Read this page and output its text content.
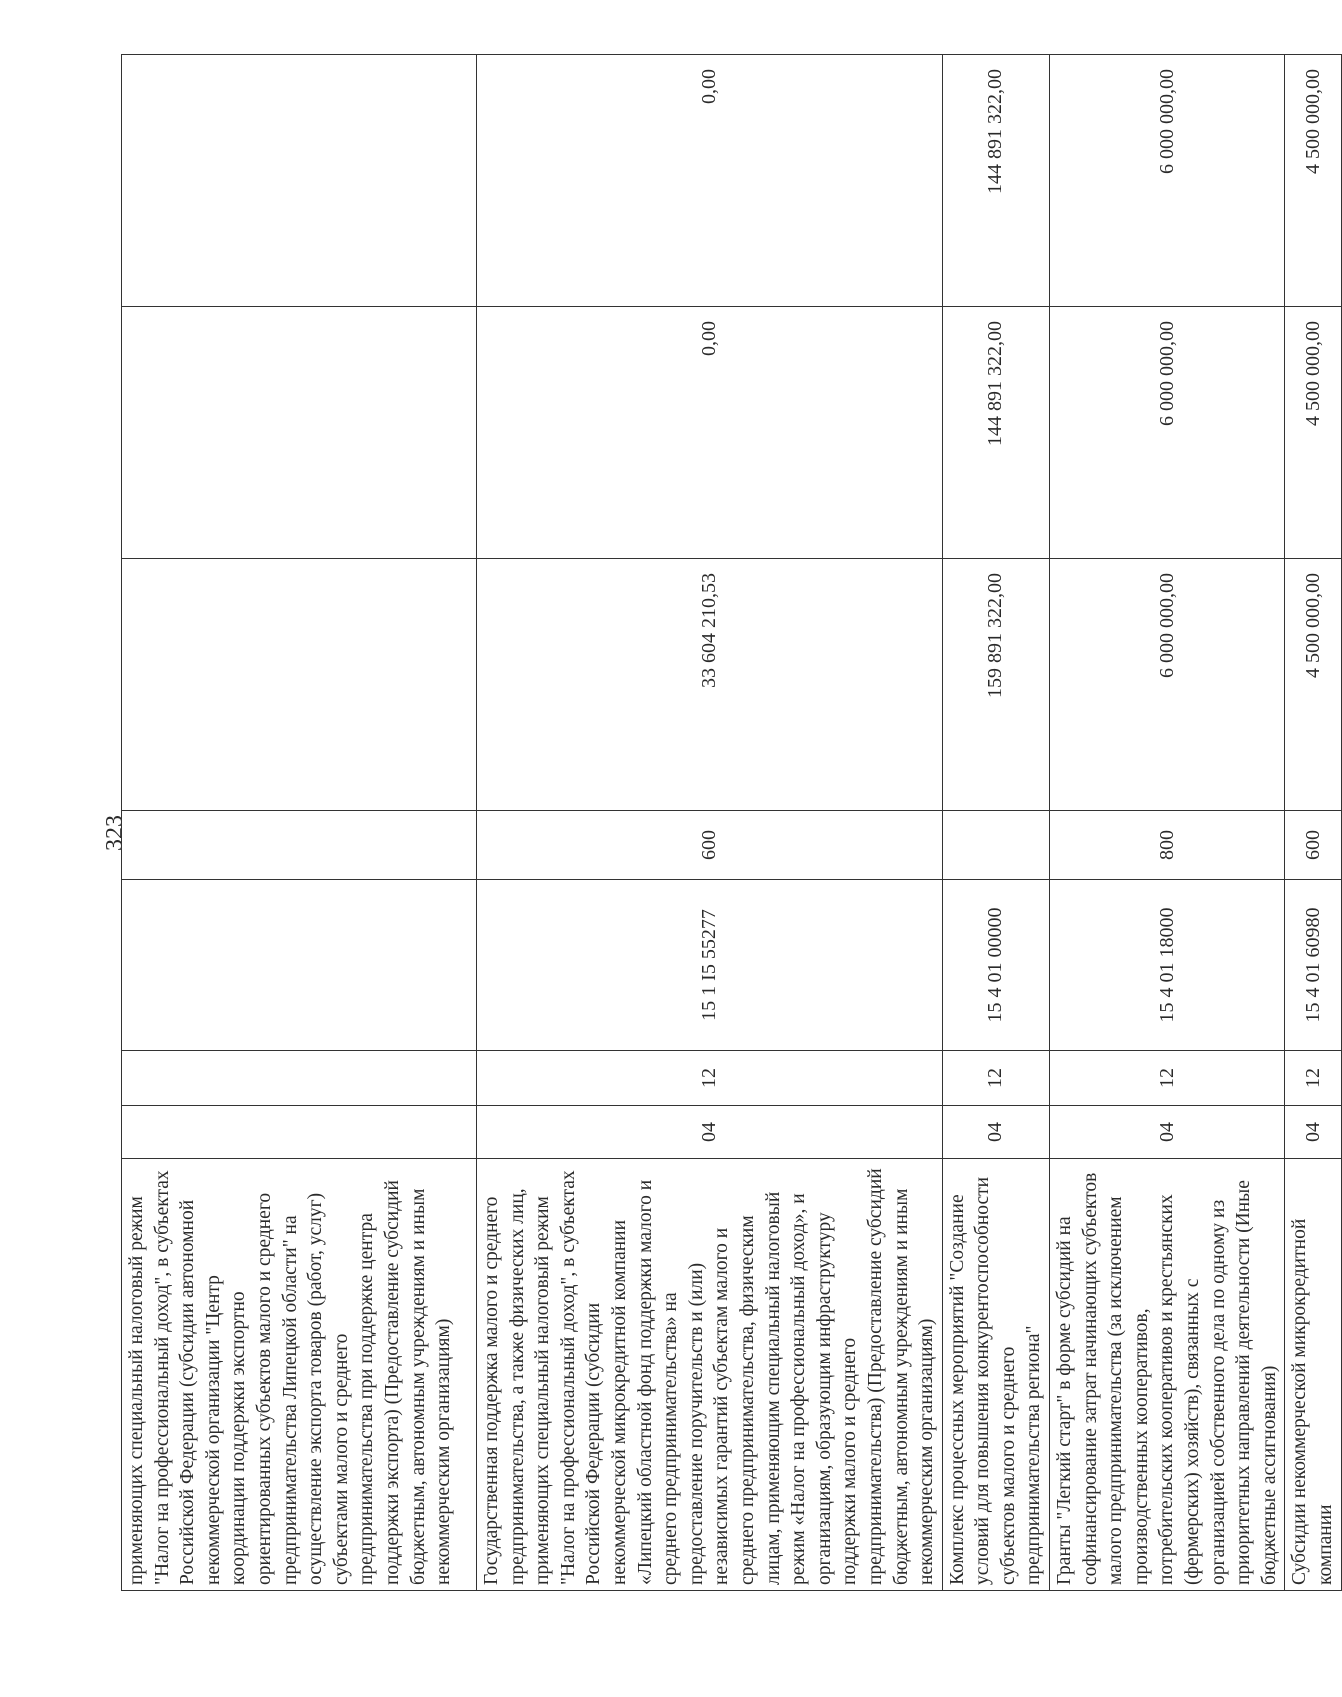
323
применяющих специальный налоговый режим "Налог на профессиональный доход", в субъектах Российской Федерации (субсидии автономной некоммерческой организации "Центр координации поддержки экспортно ориентированных субъектов малого и среднего предпринимательства Липецкой области" на осуществление экспорта товаров (работ, услуг) субъектами малого и среднего предпринимательства при поддержке центра поддержки экспорта) (Предоставление субсидий бюджетным, автономным учреждениям и иным некоммерческим организациям)							
Государственная поддержка малого и среднего предпринимательства, а также физических лиц, применяющих специальный налоговый режим "Налог на профессиональный доход", в субъектах Российской Федерации (субсидии некоммерческой микрокредитной компании «Липецкий областной фонд поддержки малого и среднего предпринимательства» на предоставление поручительств и (или) независимых гарантий субъектам малого и среднего предпринимательства, физическим лицам, применяющим специальный налоговый режим «Налог на профессиональный доход», и организациям, образующим инфраструктуру поддержки малого и среднего предпринимательства) (Предоставление субсидий бюджетным, автономным учреждениям и иным некоммерческим организациям)	04	12	15 1 I5 55277	600	33 604 210,53	0,00	0,00
Комплекс процессных мероприятий "Создание условий для повышения конкурентоспособности субъектов малого и среднего предпринимательства региона"	04	12	15 4 01 00000		159 891 322,00	144 891 322,00	144 891 322,00
Гранты "Легкий старт" в форме субсидий на софинансирование затрат начинающих субъектов малого предпринимательства (за исключением производственных кооперативов, потребительских кооперативов и крестьянских (фермерских) хозяйств), связанных с организацией собственного дела по одному из приоритетных направлений деятельности (Иные бюджетные ассигнования)	04	12	15 4 01 18000	800	6 000 000,00	6 000 000,00	6 000 000,00
Субсидии некоммерческой микрокредитной компании	04	12	15 4 01 60980	600	4 500 000,00	4 500 000,00	4 500 000,00
